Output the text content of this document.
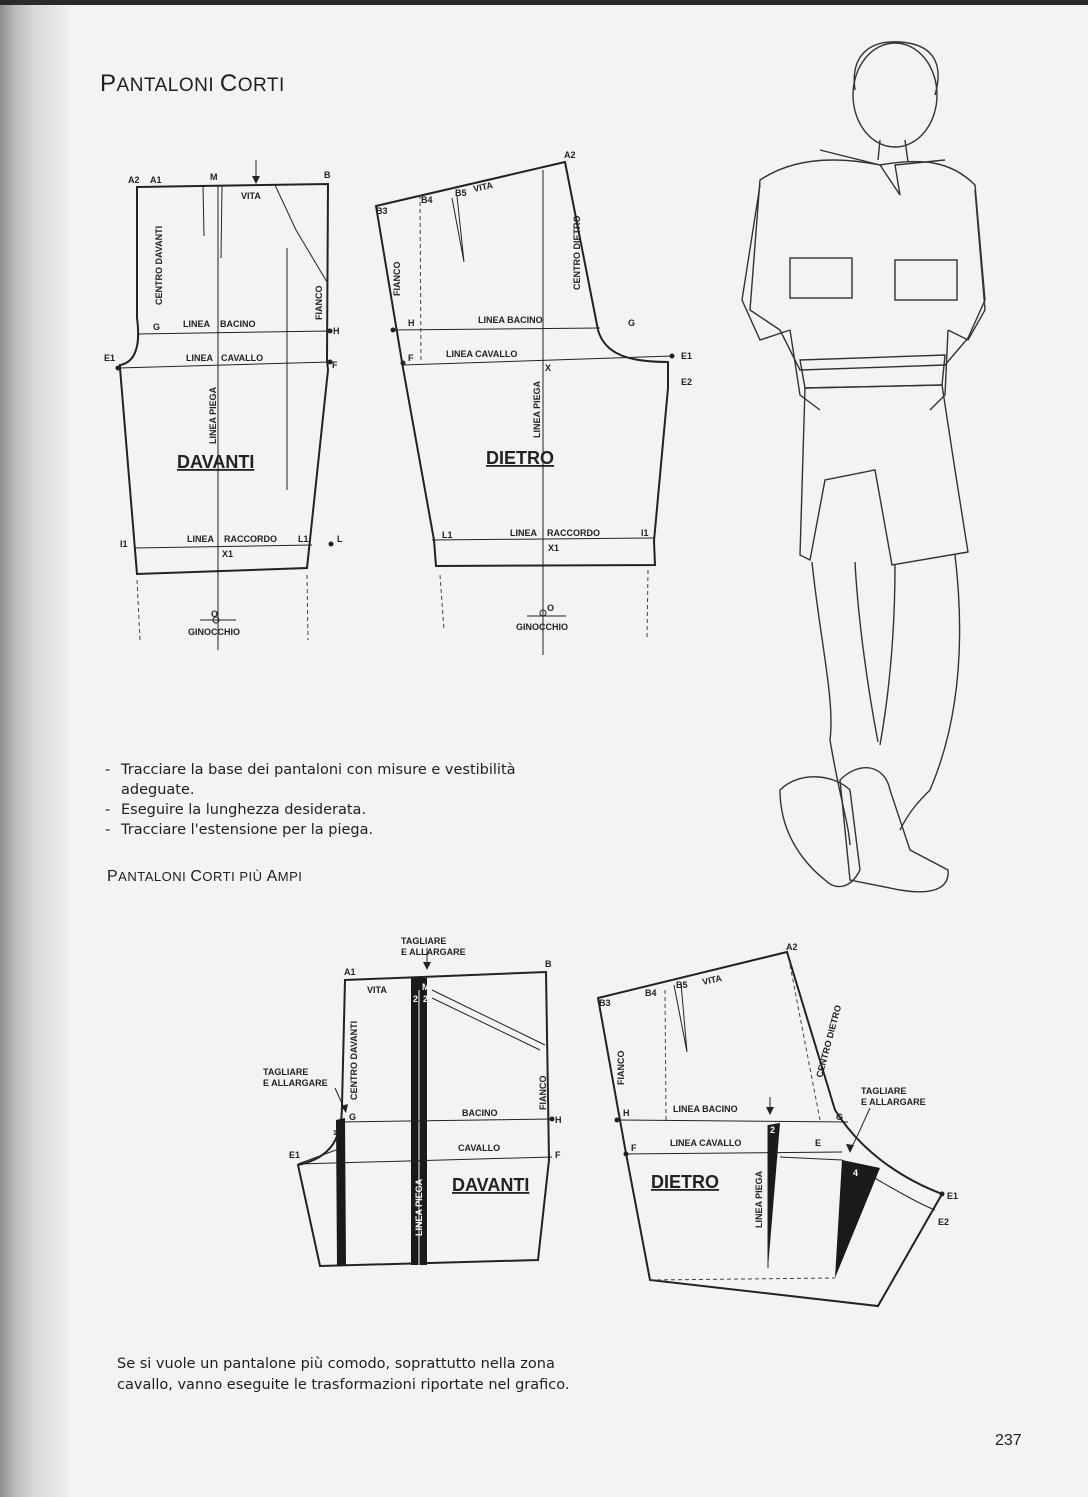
PANTALONI CORTI
A2 A1	M	B
VITA
CENTRO DAVANTI	FIANCO
G	LINEA BACINO
H
E1	LINEA CAVALLO
F
LINEA PIEGA
DAVANTI
I1	LINEA RACCORDO L1	L
X1
O
GINOCCHIO
A2
B3
B4
B5 VITA
CENTRO DIETRO
FIANCO
H	LINEA BACINO	G
F	LINEA CAVALLO
X
E1
E2
LINEA PIEGA
DIETRO
L1	LINEA RACCORDO	I1
X1
O
GINOCCHIO
TAGLIARE
E ALLARGARE
A1
B
VITA	M
2 2
CENTRO DAVANTI	FIANCO
TAGLIARE
E ALLARGARE
G
1.5
BACINO
H
E1
CAVALLO
F
LINEA PIEGA DAVANTI
A2
B3
B4
B5 VITA
CENTRO DIETRO
FIANCO
TAGLIARE
E ALLARGARE
H	LINEA BACINO
G
F	LINEA CAVALLO	E
2
4
LINEA PIEGA
DIETRO
E1
E2
- Tracciare la base dei pantaloni con misure e vestibilità adeguate.
- Eseguire la lunghezza desiderata.
- Tracciare l'estensione per la piega.
PANTALONI CORTI PIÙ AMPI

Se si vuole un pantalone più comodo, soprattutto nella zona cavallo, vanno eseguite le trasformazioni riportate nel grafico.

237
